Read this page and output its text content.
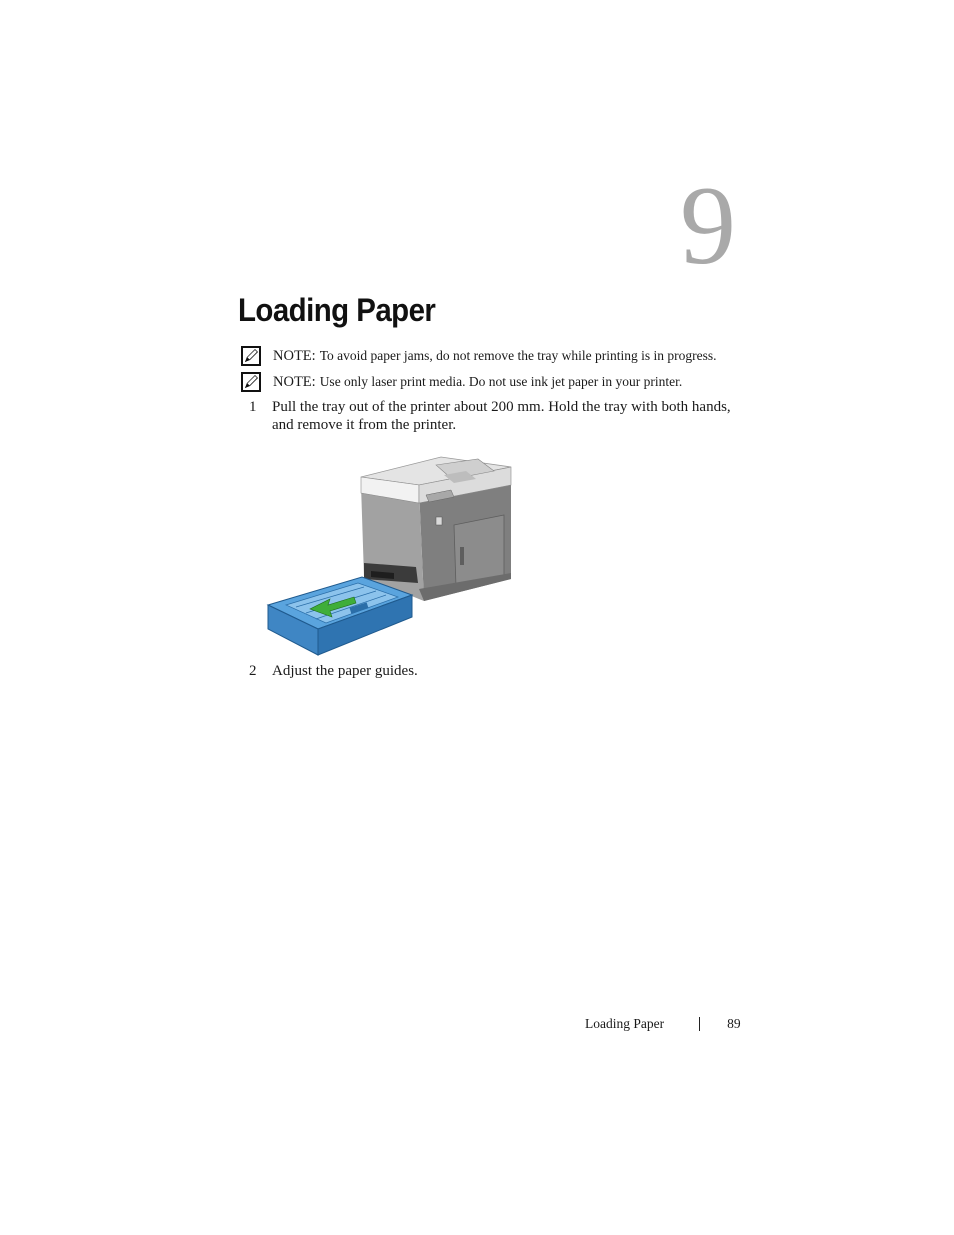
9
Loading Paper
NOTE: To avoid paper jams, do not remove the tray while printing is in progress.
NOTE: Use only laser print media. Do not use ink jet paper in your printer.
1 Pull the tray out of the printer about 200 mm. Hold the tray with both hands, and remove it from the printer.
2 Adjust the paper guides.
Loading Paper	89
